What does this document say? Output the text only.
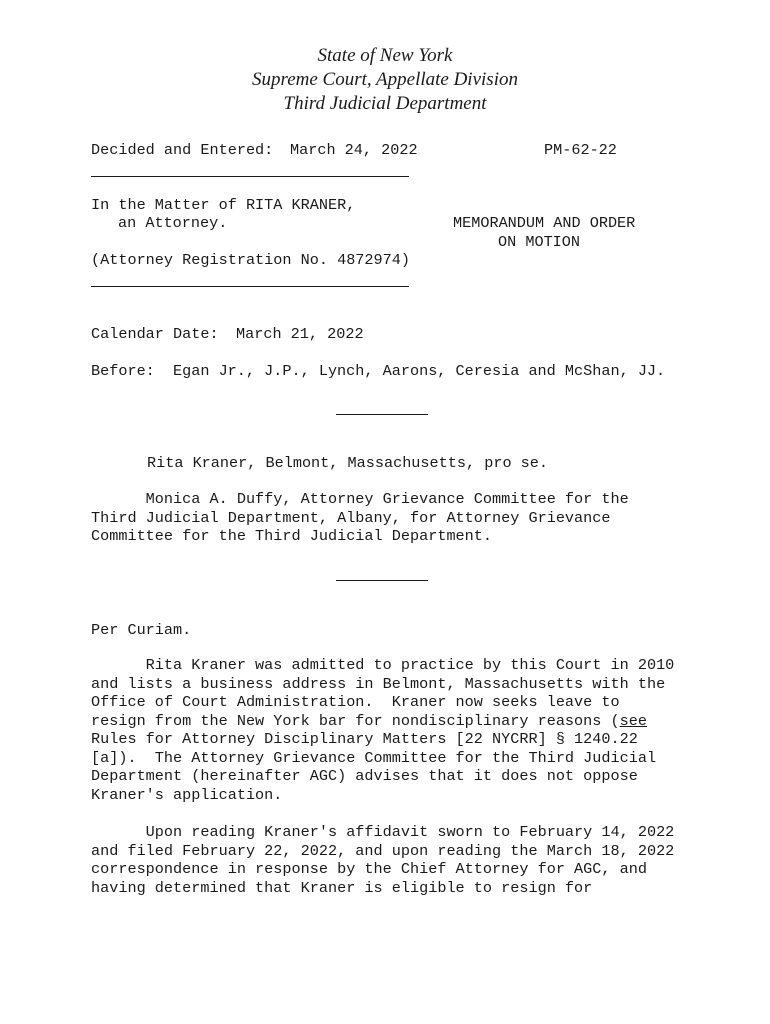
State of New York
Supreme Court, Appellate Division
Third Judicial Department
Decided and Entered: March 24, 2022	PM-62-22
In the Matter of RITA KRANER,
an Attorney.	MEMORANDUM AND ORDER
ON MOTION
(Attorney Registration No. 4872974)
Calendar Date: March 21, 2022
Before: Egan Jr., J.P., Lynch, Aarons, Ceresia and McShan, JJ.
Rita Kraner, Belmont, Massachusetts, pro se.
Monica A. Duffy, Attorney Grievance Committee for the
Third Judicial Department, Albany, for Attorney Grievance
Committee for the Third Judicial Department.
Per Curiam.
Rita Kraner was admitted to practice by this Court in 2010
and lists a business address in Belmont, Massachusetts with the
Office of Court Administration.  Kraner now seeks leave to
resign from the New York bar for nondisciplinary reasons (see
Rules for Attorney Disciplinary Matters [22 NYCRR] § 1240.22
[a]).  The Attorney Grievance Committee for the Third Judicial
Department (hereinafter AGC) advises that it does not oppose
Kraner's application.
Upon reading Kraner's affidavit sworn to February 14, 2022
and filed February 22, 2022, and upon reading the March 18, 2022
correspondence in response by the Chief Attorney for AGC, and
having determined that Kraner is eligible to resign for
